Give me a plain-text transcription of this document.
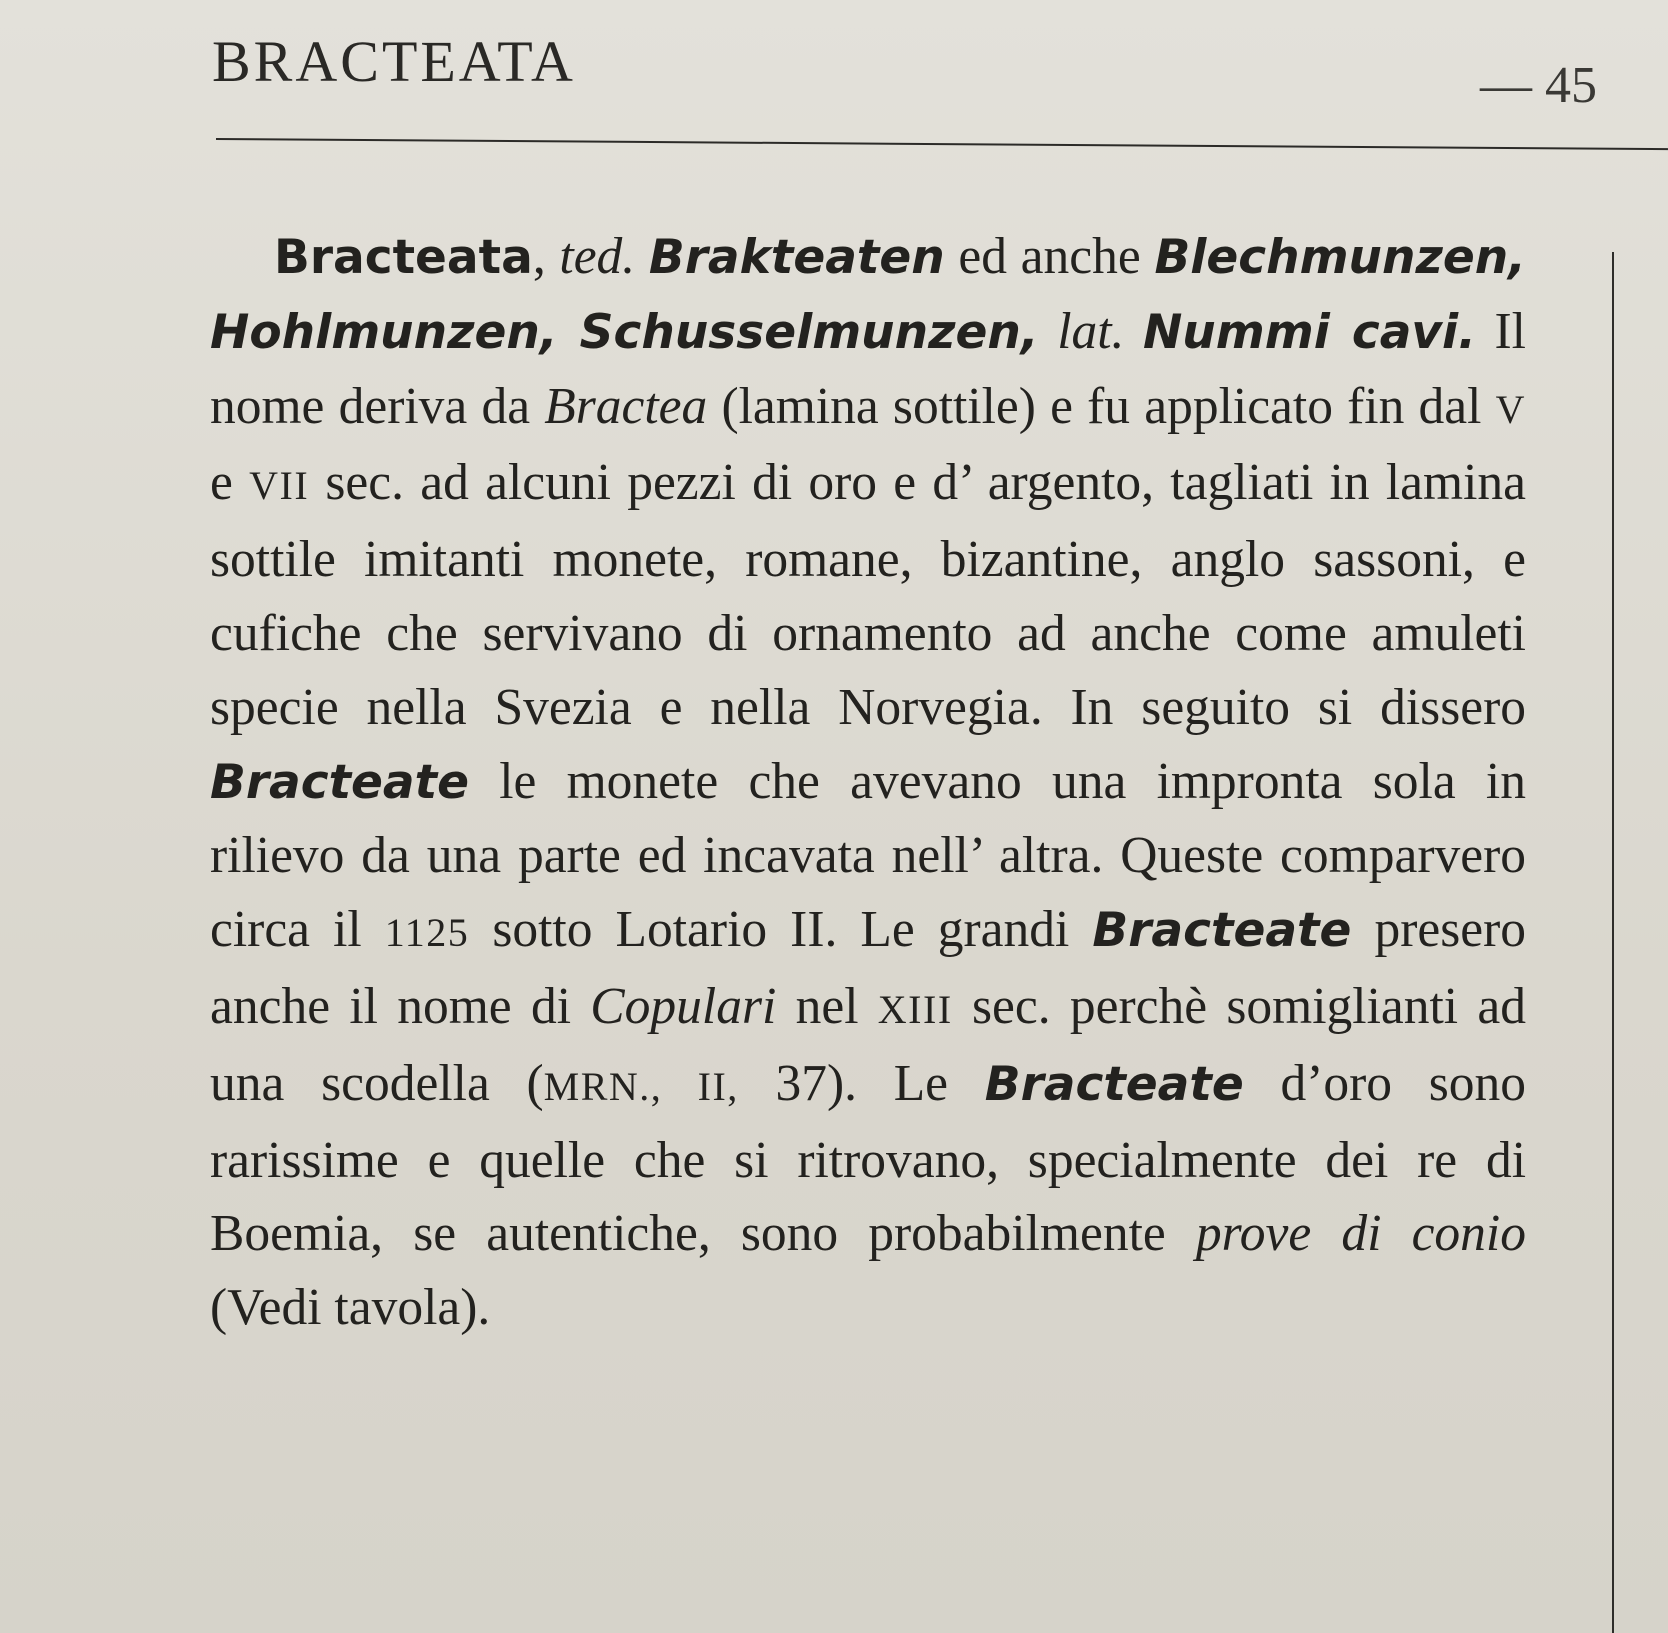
BRACTEATA	— 45

Bracteata, ted. Brakteaten ed anche Blechmunzen, Hohlmunzen, Schusselmunzen, lat. Nummi cavi. Il nome deriva da Bractea (lamina sottile) e fu applicato fin dal V e VII sec. ad alcuni pezzi di oro e d’ argento, tagliati in lamina sottile imitanti monete, romane, bizantine, anglo sassoni, e cufiche che servivano di ornamento ad anche come amuleti specie nella Svezia e nella Norvegia. In seguito si dissero Bracteate le monete che avevano una impronta sola in rilievo da una parte ed incavata nell’ altra. Queste comparvero circa il 1125 sotto Lotario II. Le grandi Bracteate presero anche il nome di Copulari nel XIII sec. perchè somiglianti ad una scodella (MRN., II, 37). Le Bracteate d’oro sono rarissime e quelle che si ritrovano, specialmente dei re di Boemia, se autentiche, sono probabilmente prove di conio (Vedi tavola).
